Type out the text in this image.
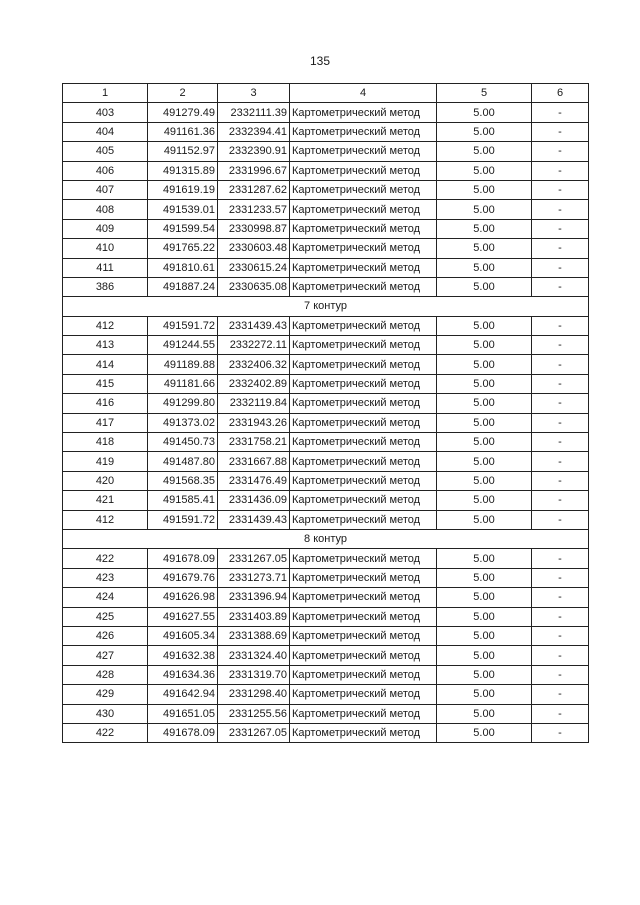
135
1	2	3	4	5	6
403	491279.49	2332111.39	Картометрический метод	5.00	-
404	491161.36	2332394.41	Картометрический метод	5.00	-
405	491152.97	2332390.91	Картометрический метод	5.00	-
406	491315.89	2331996.67	Картометрический метод	5.00	-
407	491619.19	2331287.62	Картометрический метод	5.00	-
408	491539.01	2331233.57	Картометрический метод	5.00	-
409	491599.54	2330998.87	Картометрический метод	5.00	-
410	491765.22	2330603.48	Картометрический метод	5.00	-
411	491810.61	2330615.24	Картометрический метод	5.00	-
386	491887.24	2330635.08	Картометрический метод	5.00	-
7 контур					
412	491591.72	2331439.43	Картометрический метод	5.00	-
413	491244.55	2332272.11	Картометрический метод	5.00	-
414	491189.88	2332406.32	Картометрический метод	5.00	-
415	491181.66	2332402.89	Картометрический метод	5.00	-
416	491299.80	2332119.84	Картометрический метод	5.00	-
417	491373.02	2331943.26	Картометрический метод	5.00	-
418	491450.73	2331758.21	Картометрический метод	5.00	-
419	491487.80	2331667.88	Картометрический метод	5.00	-
420	491568.35	2331476.49	Картометрический метод	5.00	-
421	491585.41	2331436.09	Картометрический метод	5.00	-
412	491591.72	2331439.43	Картометрический метод	5.00	-
8 контур					
422	491678.09	2331267.05	Картометрический метод	5.00	-
423	491679.76	2331273.71	Картометрический метод	5.00	-
424	491626.98	2331396.94	Картометрический метод	5.00	-
425	491627.55	2331403.89	Картометрический метод	5.00	-
426	491605.34	2331388.69	Картометрический метод	5.00	-
427	491632.38	2331324.40	Картометрический метод	5.00	-
428	491634.36	2331319.70	Картометрический метод	5.00	-
429	491642.94	2331298.40	Картометрический метод	5.00	-
430	491651.05	2331255.56	Картометрический метод	5.00	-
422	491678.09	2331267.05	Картометрический метод	5.00	-
